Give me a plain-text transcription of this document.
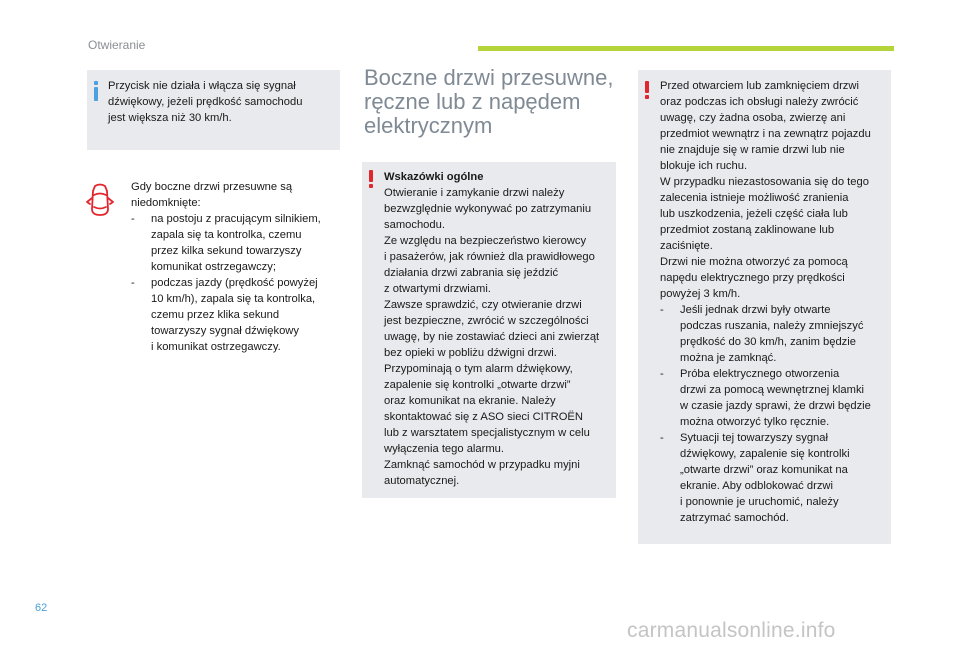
Otwieranie

Przycisk nie działa i włącza się sygnał

dźwiękowy, jeżeli prędkość samochodu

jest większa niż 30 km/h.

Gdy boczne drzwi przesuwne są

niedomknięte:

-	na postoju z pracującym silnikiem,

zapala się ta kontrolka, czemu

przez kilka sekund towarzyszy

komunikat ostrzegawczy;

-	podczas jazdy (prędkość powyżej

10 km/h), zapala się ta kontrolka,

czemu przez klika sekund

towarzyszy sygnał dźwiękowy

i komunikat ostrzegawczy.

Boczne drzwi przesuwne,
ręczne lub z napędem
elektrycznym

Wskazówki ogólne

Otwieranie i zamykanie drzwi należy

bezwzględnie wykonywać po zatrzymaniu

samochodu.

Ze względu na bezpieczeństwo kierowcy

i pasażerów, jak również dla prawidłowego

działania drzwi zabrania się jeździć

z otwartymi drzwiami.

Zawsze sprawdzić, czy otwieranie drzwi

jest bezpieczne, zwrócić w szczególności

uwagę, by nie zostawiać dzieci ani zwierząt

bez opieki w pobliżu dźwigni drzwi.

Przypominają o tym alarm dźwiękowy,

zapalenie się kontrolki „otwarte drzwi”

oraz komunikat na ekranie. Należy

skontaktować się z ASO sieci CITROËN

lub z warsztatem specjalistycznym w celu

wyłączenia tego alarmu.

Zamknąć samochód w przypadku myjni

automatycznej.

Przed otwarciem lub zamknięciem drzwi

oraz podczas ich obsługi należy zwrócić

uwagę, czy żadna osoba, zwierzę ani

przedmiot wewnątrz i na zewnątrz pojazdu

nie znajduje się w ramie drzwi lub nie

blokuje ich ruchu.

W przypadku niezastosowania się do tego

zalecenia istnieje możliwość zranienia

lub uszkodzenia, jeżeli część ciała lub

przedmiot zostaną zaklinowane lub

zaciśnięte.

Drzwi nie można otworzyć za pomocą

napędu elektrycznego przy prędkości

powyżej 3 km/h.

-	Jeśli jednak drzwi były otwarte

podczas ruszania, należy zmniejszyć

prędkość do 30 km/h, zanim będzie

można je zamknąć.

-	Próba elektrycznego otworzenia

drzwi za pomocą wewnętrznej klamki

w czasie jazdy sprawi, że drzwi będzie

można otworzyć tylko ręcznie.

-	Sytuacji tej towarzyszy sygnał

dźwiękowy, zapalenie się kontrolki

„otwarte drzwi” oraz komunikat na

ekranie. Aby odblokować drzwi

i ponownie je uruchomić, należy

zatrzymać samochód.

62
carmanualsonline.info
